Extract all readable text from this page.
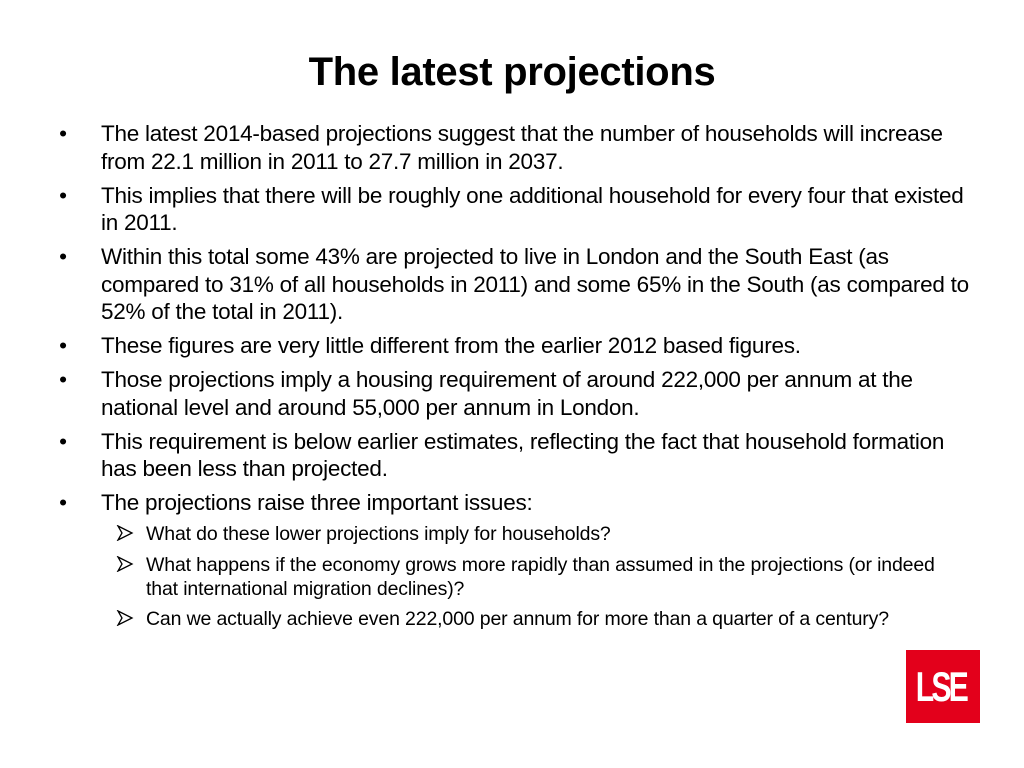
The latest projections
• The latest 2014-based projections suggest that the number of households will increase from 22.1 million in 2011 to 27.7 million in 2037.
• This implies that there will be roughly one additional household for every four that existed in 2011.
• Within this total some 43% are projected to live in London and the South East (as compared to 31% of all households in 2011) and some 65% in the South (as compared to 52% of the total in 2011).
• These figures are very little different from the earlier 2012 based figures.
• Those projections imply a housing requirement of around 222,000 per annum at the national level and around 55,000 per annum in London.
• This requirement is below earlier estimates, reflecting the fact that household formation has been less than projected.
• The projections raise three important issues:
What do these lower projections imply for households?
What happens if the economy grows more rapidly than assumed in the projections (or indeed that international migration declines)?
Can we actually achieve even 222,000 per annum for more than a quarter of a century?
LSE
